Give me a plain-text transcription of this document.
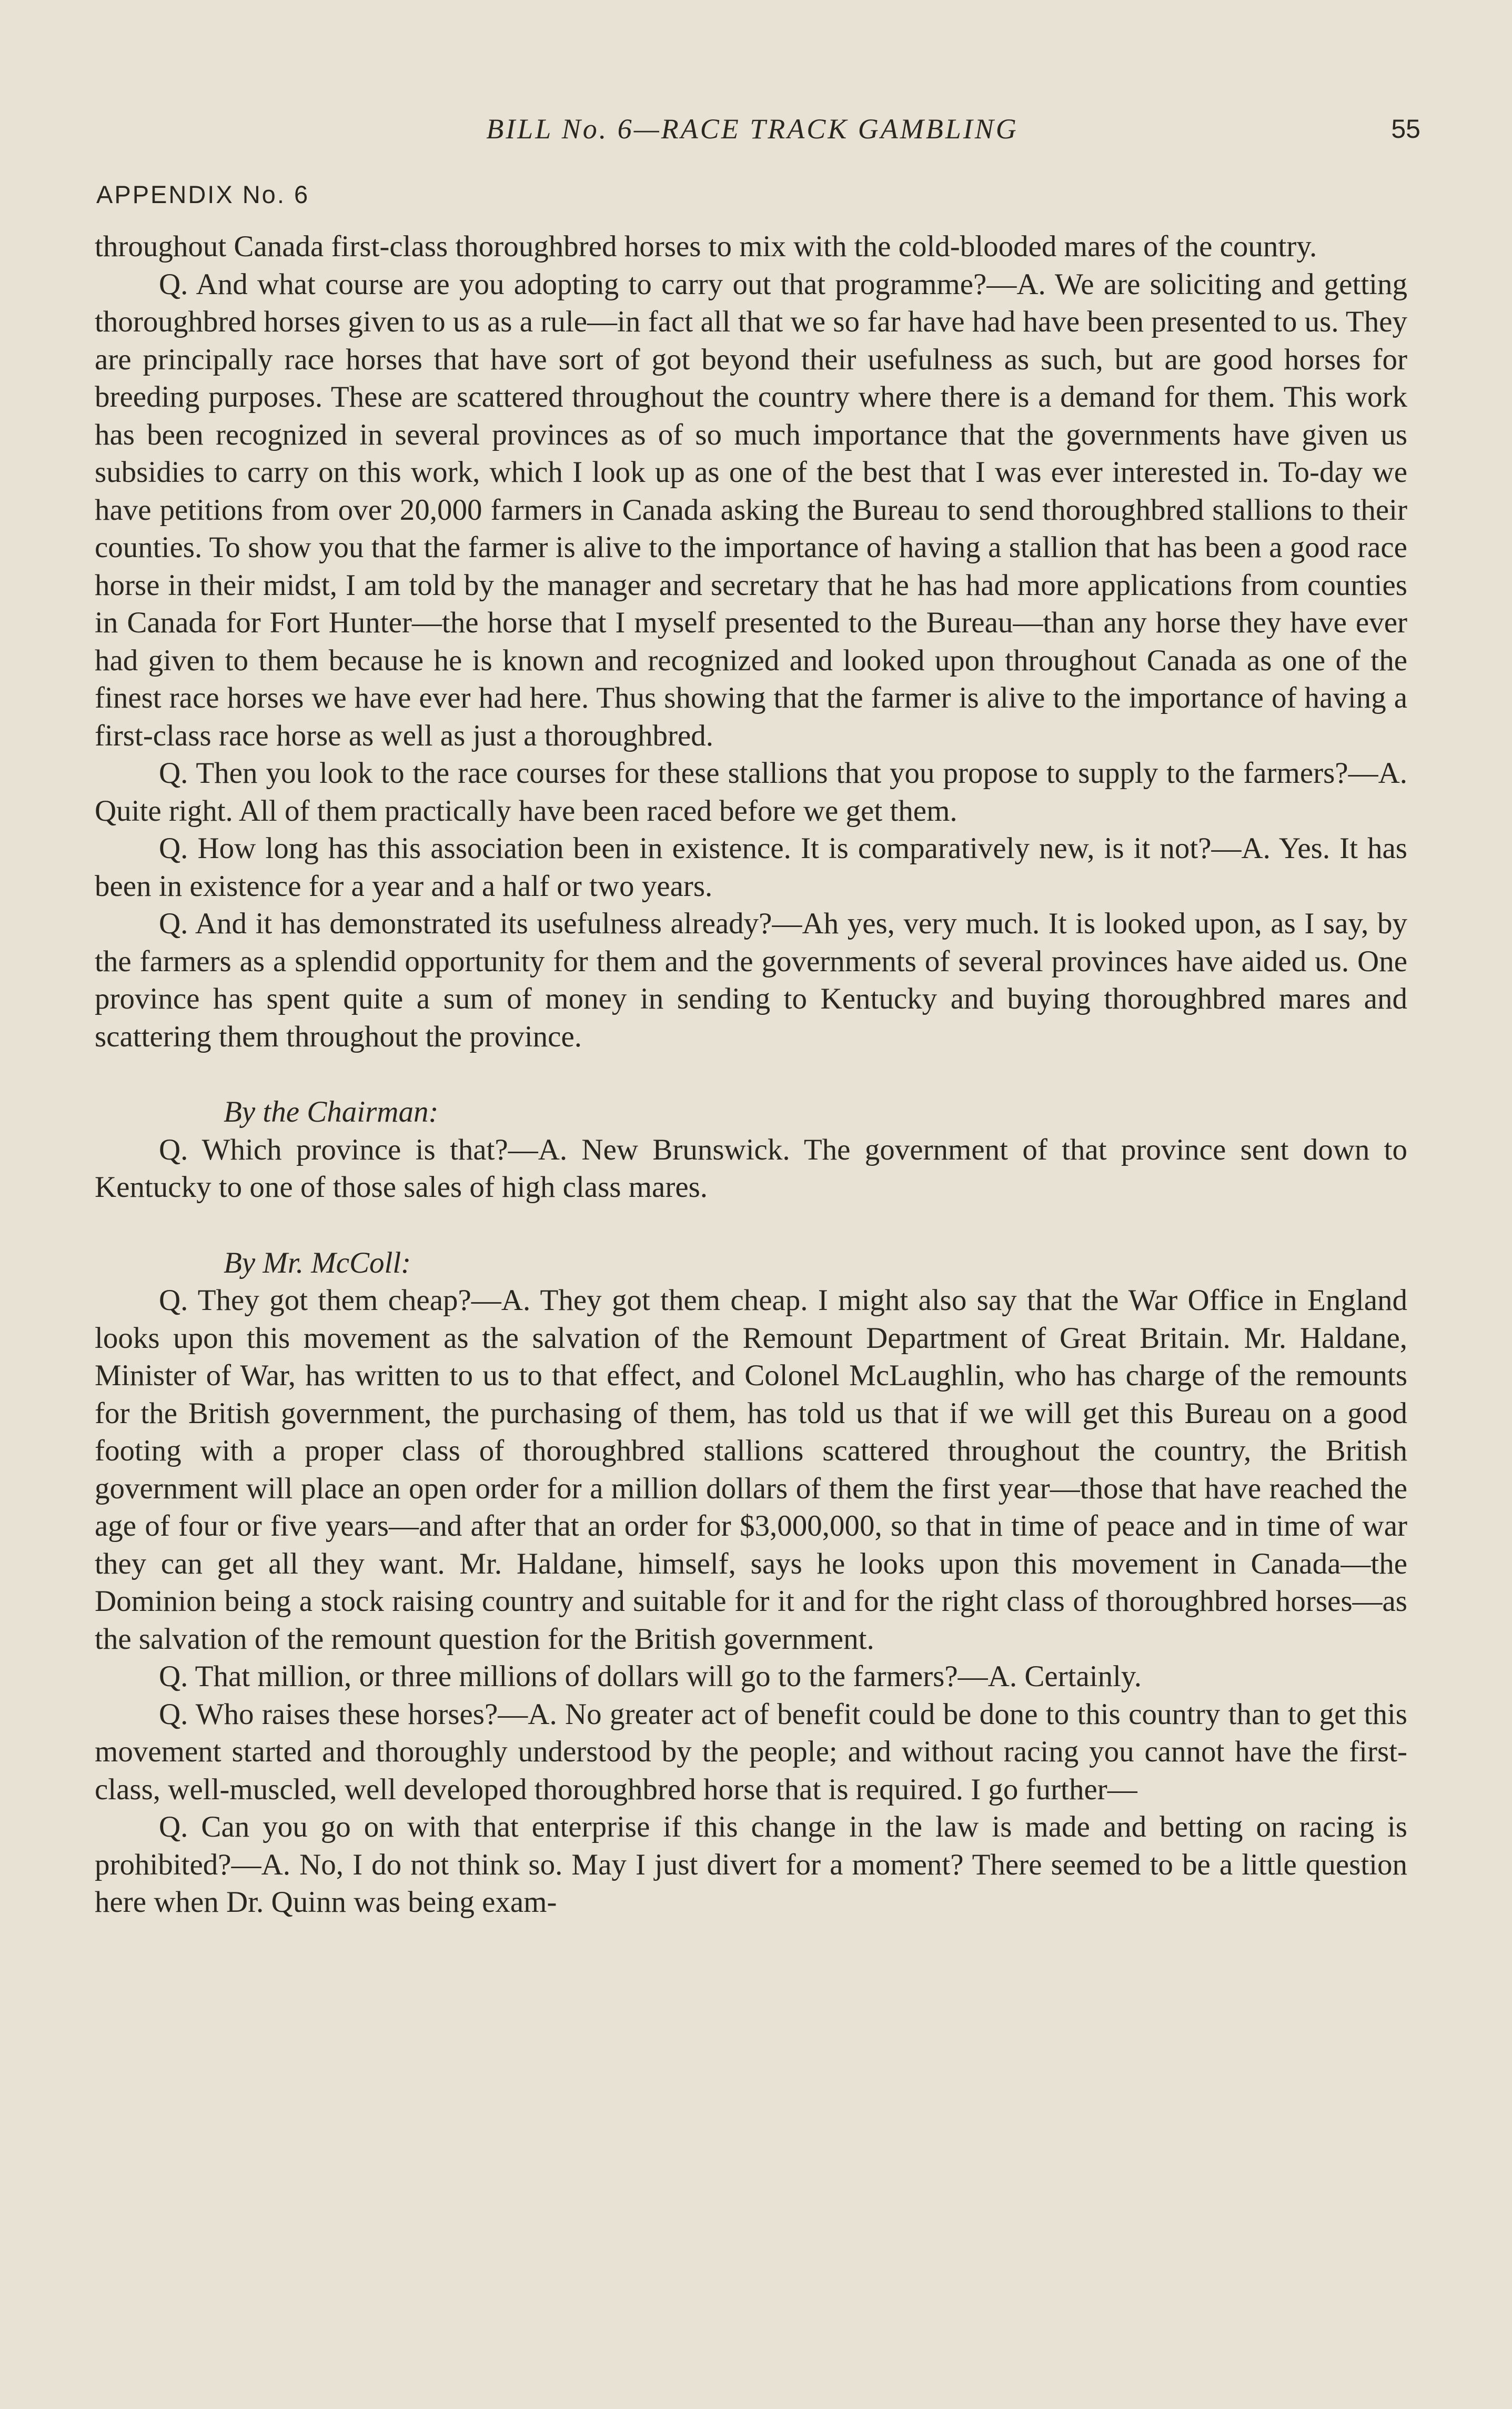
BILL No. 6—RACE TRACK GAMBLING	55
APPENDIX No. 6

throughout Canada first-class thoroughbred horses to mix with the cold-blooded mares of the country.

Q. And what course are you adopting to carry out that programme?—A. We are soliciting and getting thoroughbred horses given to us as a rule—in fact all that we so far have had have been presented to us. They are principally race horses that have sort of got beyond their usefulness as such, but are good horses for breeding purposes. These are scattered throughout the country where there is a demand for them. This work has been recognized in several provinces as of so much importance that the governments have given us subsidies to carry on this work, which I look up as one of the best that I was ever interested in. To-day we have petitions from over 20,000 farmers in Canada asking the Bureau to send thoroughbred stallions to their counties. To show you that the farmer is alive to the importance of having a stallion that has been a good race horse in their midst, I am told by the manager and secretary that he has had more applications from counties in Canada for Fort Hunter—the horse that I myself presented to the Bureau—than any horse they have ever had given to them because he is known and recognized and looked upon throughout Canada as one of the finest race horses we have ever had here. Thus showing that the farmer is alive to the importance of having a first-class race horse as well as just a thoroughbred.

Q. Then you look to the race courses for these stallions that you propose to supply to the farmers?—A. Quite right. All of them practically have been raced before we get them.

Q. How long has this association been in existence. It is comparatively new, is it not?—A. Yes. It has been in existence for a year and a half or two years.

Q. And it has demonstrated its usefulness already?—Ah yes, very much. It is looked upon, as I say, by the farmers as a splendid opportunity for them and the governments of several provinces have aided us. One province has spent quite a sum of money in sending to Kentucky and buying thoroughbred mares and scattering them throughout the province.

By the Chairman:

Q. Which province is that?—A. New Brunswick. The government of that province sent down to Kentucky to one of those sales of high class mares.

By Mr. McColl:

Q. They got them cheap?—A. They got them cheap. I might also say that the War Office in England looks upon this movement as the salvation of the Remount Department of Great Britain. Mr. Haldane, Minister of War, has written to us to that effect, and Colonel McLaughlin, who has charge of the remounts for the British government, the purchasing of them, has told us that if we will get this Bureau on a good footing with a proper class of thoroughbred stallions scattered throughout the country, the British government will place an open order for a million dollars of them the first year—those that have reached the age of four or five years—and after that an order for $3,000,000, so that in time of peace and in time of war they can get all they want. Mr. Haldane, himself, says he looks upon this movement in Canada—the Dominion being a stock raising country and suitable for it and for the right class of thoroughbred horses—as the salvation of the remount question for the British government.

Q. That million, or three millions of dollars will go to the farmers?—A. Certainly.

Q. Who raises these horses?—A. No greater act of benefit could be done to this country than to get this movement started and thoroughly understood by the people; and without racing you cannot have the first-class, well-muscled, well developed thoroughbred horse that is required. I go further—

Q. Can you go on with that enterprise if this change in the law is made and betting on racing is prohibited?—A. No, I do not think so. May I just divert for a moment? There seemed to be a little question here when Dr. Quinn was being exam-
